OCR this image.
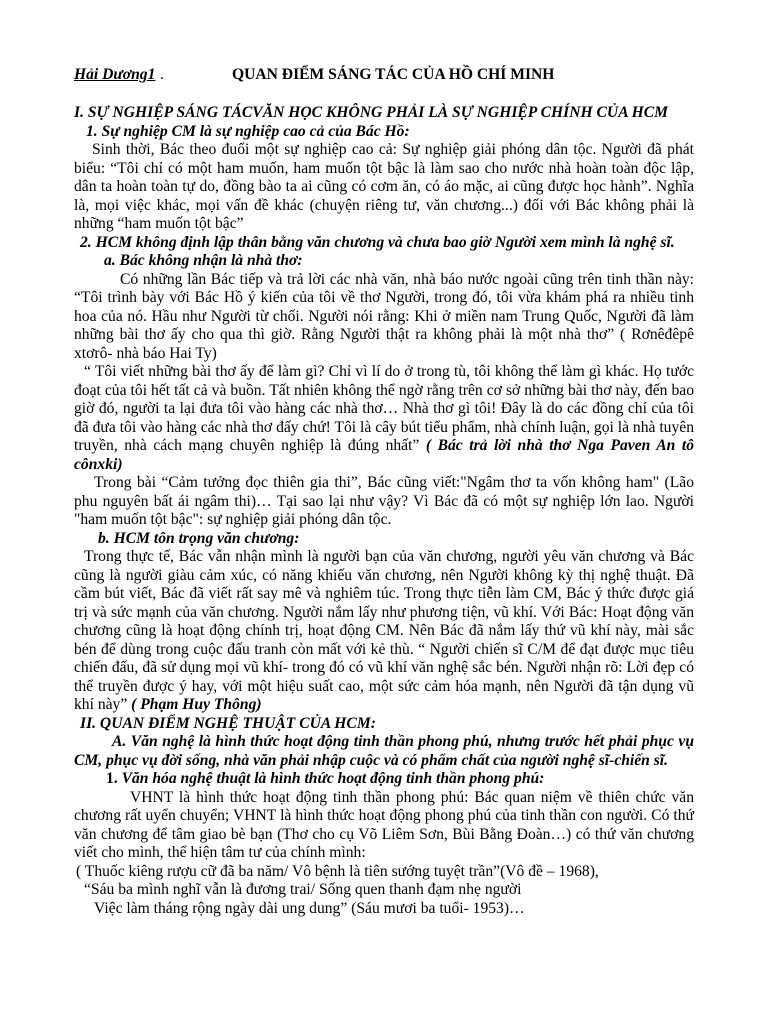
Hải Dương1 .	QUAN ĐIỂM SÁNG TÁC CỦA HỒ CHÍ MINH
I. SỰ NGHIỆP SÁNG TÁCVĂN HỌC KHÔNG PHẢI LÀ SỰ NGHIỆP CHÍNH CỦA HCM
1. Sự nghiệp CM là sự nghiệp cao cả của Bác Hồ:
Sinh thời, Bác theo đuổi một sự nghiệp cao cả: Sự nghiệp giải phóng dân tộc. Người đã phát biểu: “Tôi chỉ có một ham muốn, ham muốn tột bậc là làm sao cho nước nhà hoàn toàn độc lập, dân ta hoàn toàn tự do, đồng bào ta ai cũng có cơm ăn, có áo mặc, ai cũng được học hành”. Nghĩa là, mọi việc khác, mọi vấn đề khác (chuyện riêng tư, văn chương...) đối với Bác không phải là những “ham muốn tột bậc”
2. HCM không định lập thân bằng văn chương và chưa bao giờ Người xem mình là nghệ sĩ.
a. Bác không nhận là nhà thơ:
Có những lần Bác tiếp và trả lời các nhà văn, nhà báo nước ngoài cũng trên tinh thần này: “Tôi trình bày với Bác Hồ ý kiến của tôi về thơ Người, trong đó, tôi vừa khám phá ra nhiều tinh hoa của nó. Hầu như Người từ chối. Người nói rằng: Khi ở miền nam Trung Quốc, Người đã làm những bài thơ ấy cho qua thì giờ. Rằng Người thật ra không phải là một nhà thơ” ( Rơnêđêpê xtơrô- nhà báo Hai Ty)
“ Tôi viết những bài thơ ấy để làm gì? Chỉ vì lí do ở trong tù, tôi không thể làm gì khác. Họ tước đoạt của tôi hết tất cả và buồn. Tất nhiên không thể ngờ rằng trên cơ sở những bài thơ này, đến bao giờ đó, người ta lại đưa tôi vào hàng các nhà thơ… Nhà thơ gì tôi! Đây là do các đồng chí của tôi đã đưa tôi vào hàng các nhà thơ đấy chứ! Tôi là cây bút tiểu phẩm, nhà chính luận, gọi là nhà tuyên truyền, nhà cách mạng chuyên nghiệp là đúng nhất” ( Bác trả lời nhà thơ Nga Paven An tô cônxki)
Trong bài “Cảm tưởng đọc thiên gia thi”, Bác cũng viết:"Ngâm thơ ta vốn không ham" (Lão phu nguyên bất ái ngâm thi)… Tại sao lại như vậy? Vì Bác đã có một sự nghiệp lớn lao. Người "ham muốn tột bậc": sự nghiệp giải phóng dân tộc.
b. HCM tôn trọng văn chương:
Trong thực tế, Bác vẫn nhận mình là người bạn của văn chương, người yêu văn chương và Bác cũng là người giàu cảm xúc, có năng khiếu văn chương, nên Người không kỳ thị nghệ thuật. Đã cầm bút viết, Bác đã viết rất say mê và nghiêm túc. Trong thực tiễn làm CM, Bác ý thức được giá trị và sức mạnh của văn chương. Người nắm lấy như phương tiện, vũ khí. Với Bác: Hoạt động văn chương cũng là hoạt động chính trị, hoạt động CM. Nên Bác đã nắm lấy thứ vũ khí này, mài sắc bén để dùng trong cuộc đấu tranh còn mất với kẻ thù. “ Người chiến sĩ C/M để đạt được mục tiêu chiến đấu, đã sử dụng mọi vũ khí- trong đó có vũ khí văn nghệ sắc bén. Người nhận rõ: Lời đẹp có thể truyền được ý hay, với một hiệu suất cao, một sức cảm hóa mạnh, nên Người đã tận dụng vũ khí này” ( Phạm Huy Thông)
II. QUAN ĐIỂM NGHỆ THUẬT CỦA HCM:
A. Văn nghệ là hình thức hoạt động tinh thần phong phú, nhưng trước hết phải phục vụ CM, phục vụ đời sống, nhà văn phải nhập cuộc và có phẩm chất của người nghệ sĩ-chiến sĩ.
1. Văn hóa nghệ thuật là hình thức hoạt động tinh thần phong phú:
VHNT là hình thức hoạt động tinh thần phong phú: Bác quan niệm về thiên chức văn chương rất uyển chuyển; VHNT là hình thức hoạt động phong phú của tinh thần con người. Có thứ văn chương để tâm giao bè bạn (Thơ cho cụ Võ Liêm Sơn, Bùi Bằng Đoàn…) có thứ văn chương viết cho mình, thể hiện tâm tư của chính mình:
( Thuốc kiêng rượu cữ đã ba năm/ Vô bệnh là tiên sướng tuyệt trần”(Vô đề – 1968),
“Sáu ba mình nghĩ vẫn là đương trai/ Sống quen thanh đạm nhẹ người
Việc làm tháng rộng ngày dài ung dung” (Sáu mươi ba tuổi- 1953)…
